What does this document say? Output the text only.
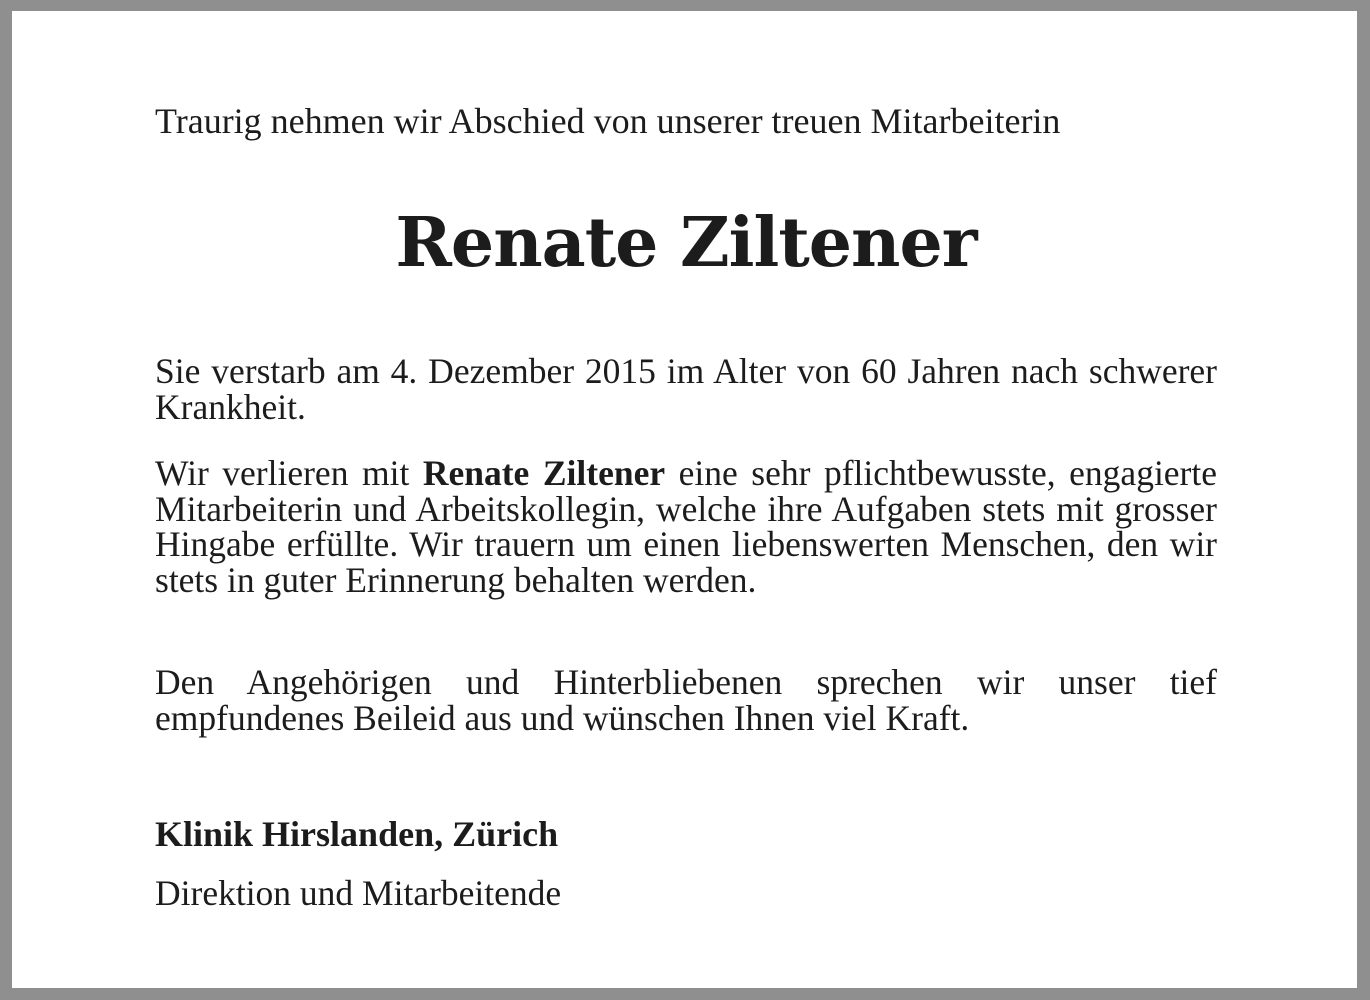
Traurig nehmen wir Abschied von unserer treuen Mitarbeiterin

Renate Ziltener

Sie verstarb am 4. Dezember 2015 im Alter von 60 Jahren nach schwerer Krankheit.

Wir verlieren mit Renate Ziltener eine sehr pflichtbewusste, engagierte Mitarbeiterin und Arbeitskollegin, welche ihre Aufgaben stets mit grosser Hingabe erfüllte. Wir trauern um einen liebenswerten Menschen, den wir stets in guter Erinnerung behalten werden.

Den Angehörigen und Hinterbliebenen sprechen wir unser tief empfundenes Beileid aus und wünschen Ihnen viel Kraft.

Klinik Hirslanden, Zürich

Direktion und Mitarbeitende
